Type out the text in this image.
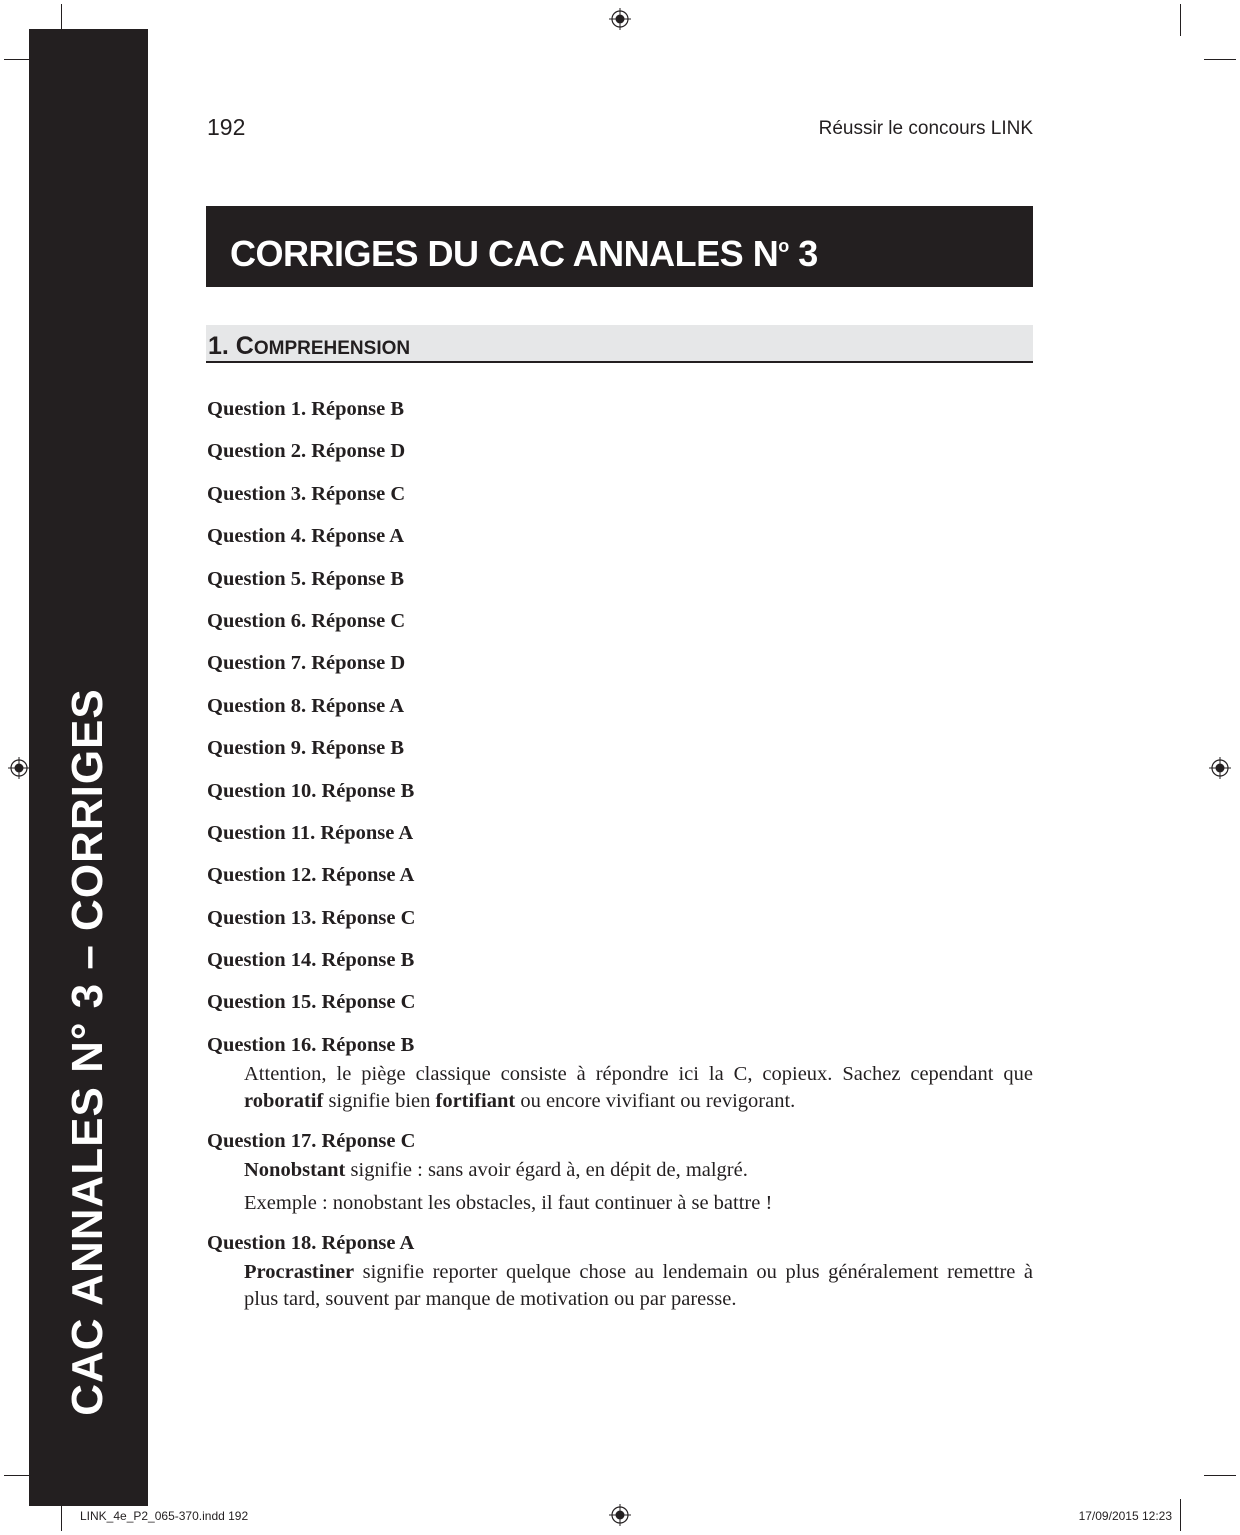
CAC ANNALES N° 3 – CORRIGES
192	Réussir le concours LINK
CORRIGES DU CAC ANNALES $N^o$ 3
1. COMPREHENSION
Question 1. Réponse B
Question 2. Réponse D
Question 3. Réponse C
Question 4. Réponse A
Question 5. Réponse B
Question 6. Réponse C
Question 7. Réponse D
Question 8. Réponse A
Question 9. Réponse B
Question 10. Réponse B
Question 11. Réponse A
Question 12. Réponse A
Question 13. Réponse C
Question 14. Réponse B
Question 15. Réponse C
Question 16. Réponse B
Attention, le piège classique consiste à répondre ici la C, copieux. Sachez cependant que roboratif signifie bien fortifiant ou encore vivifiant ou revigorant.
Question 17. Réponse C
Nonobstant signifie : sans avoir égard à, en dépit de, malgré.
Exemple : nonobstant les obstacles, il faut continuer à se battre !
Question 18. Réponse A
Procrastiner signifie reporter quelque chose au lendemain ou plus généralement remettre à plus tard, souvent par manque de motivation ou par paresse.
LINK_4e_P2_065-370.indd 192	17/09/2015 12:23
